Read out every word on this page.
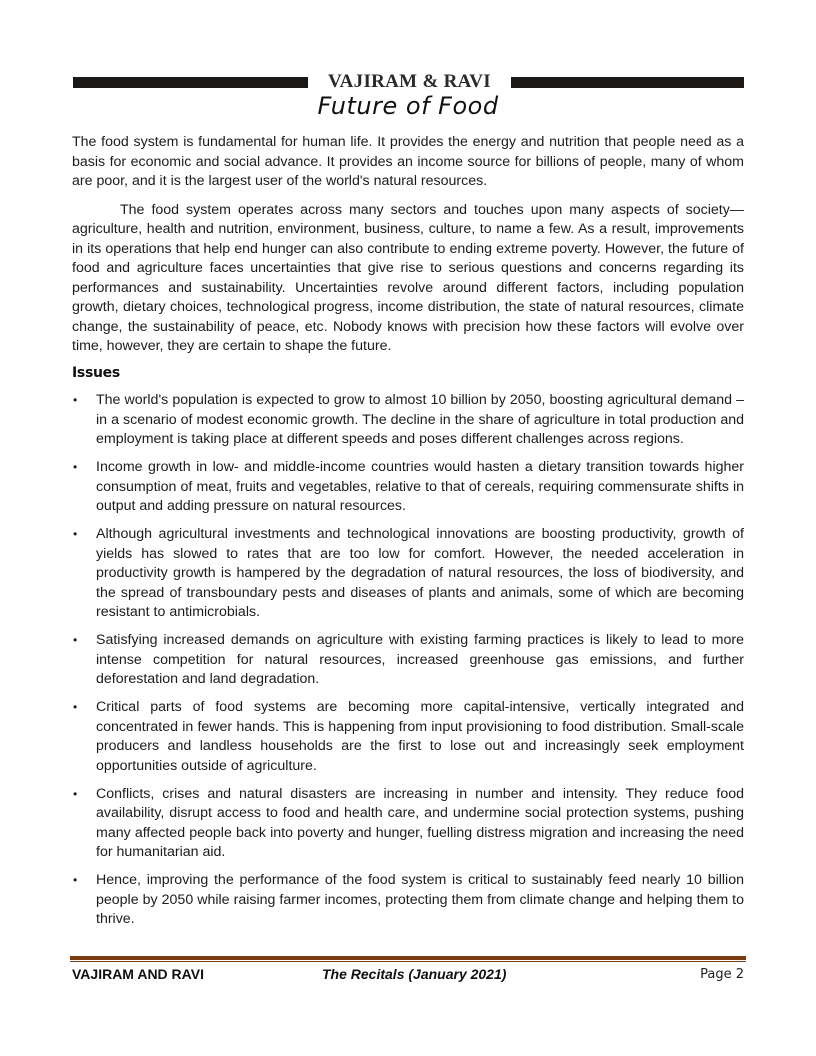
VAJIRAM & RAVI
Future of Food

The food system is fundamental for human life. It provides the energy and nutrition that people need as a basis for economic and social advance. It provides an income source for billions of people, many of whom are poor, and it is the largest user of the world's natural resources.

The food system operates across many sectors and touches upon many aspects of society—agriculture, health and nutrition, environment, business, culture, to name a few. As a result, improvements in its operations that help end hunger can also contribute to ending extreme poverty. However, the future of food and agriculture faces uncertainties that give rise to serious questions and concerns regarding its performances and sustainability. Uncertainties revolve around different factors, including population growth, dietary choices, technological progress, income distribution, the state of natural resources, climate change, the sustainability of peace, etc. Nobody knows with precision how these factors will evolve over time, however, they are certain to shape the future.

Issues
• The world's population is expected to grow to almost 10 billion by 2050, boosting agricultural demand – in a scenario of modest economic growth. The decline in the share of agriculture in total production and employment is taking place at different speeds and poses different challenges across regions.
• Income growth in low- and middle-income countries would hasten a dietary transition towards higher consumption of meat, fruits and vegetables, relative to that of cereals, requiring commensurate shifts in output and adding pressure on natural resources.
• Although agricultural investments and technological innovations are boosting productivity, growth of yields has slowed to rates that are too low for comfort. However, the needed acceleration in productivity growth is hampered by the degradation of natural resources, the loss of biodiversity, and the spread of transboundary pests and diseases of plants and animals, some of which are becoming resistant to antimicrobials.
• Satisfying increased demands on agriculture with existing farming practices is likely to lead to more intense competition for natural resources, increased greenhouse gas emissions, and further deforestation and land degradation.
• Critical parts of food systems are becoming more capital-intensive, vertically integrated and concentrated in fewer hands. This is happening from input provisioning to food distribution. Small-scale producers and landless households are the first to lose out and increasingly seek employment opportunities outside of agriculture.
• Conflicts, crises and natural disasters are increasing in number and intensity. They reduce food availability, disrupt access to food and health care, and undermine social protection systems, pushing many affected people back into poverty and hunger, fuelling distress migration and increasing the need for humanitarian aid.
• Hence, improving the performance of the food system is critical to sustainably feed nearly 10 billion people by 2050 while raising farmer incomes, protecting them from climate change and helping them to thrive.
VAJIRAM AND RAVI	The Recitals (January 2021)	Page 2
